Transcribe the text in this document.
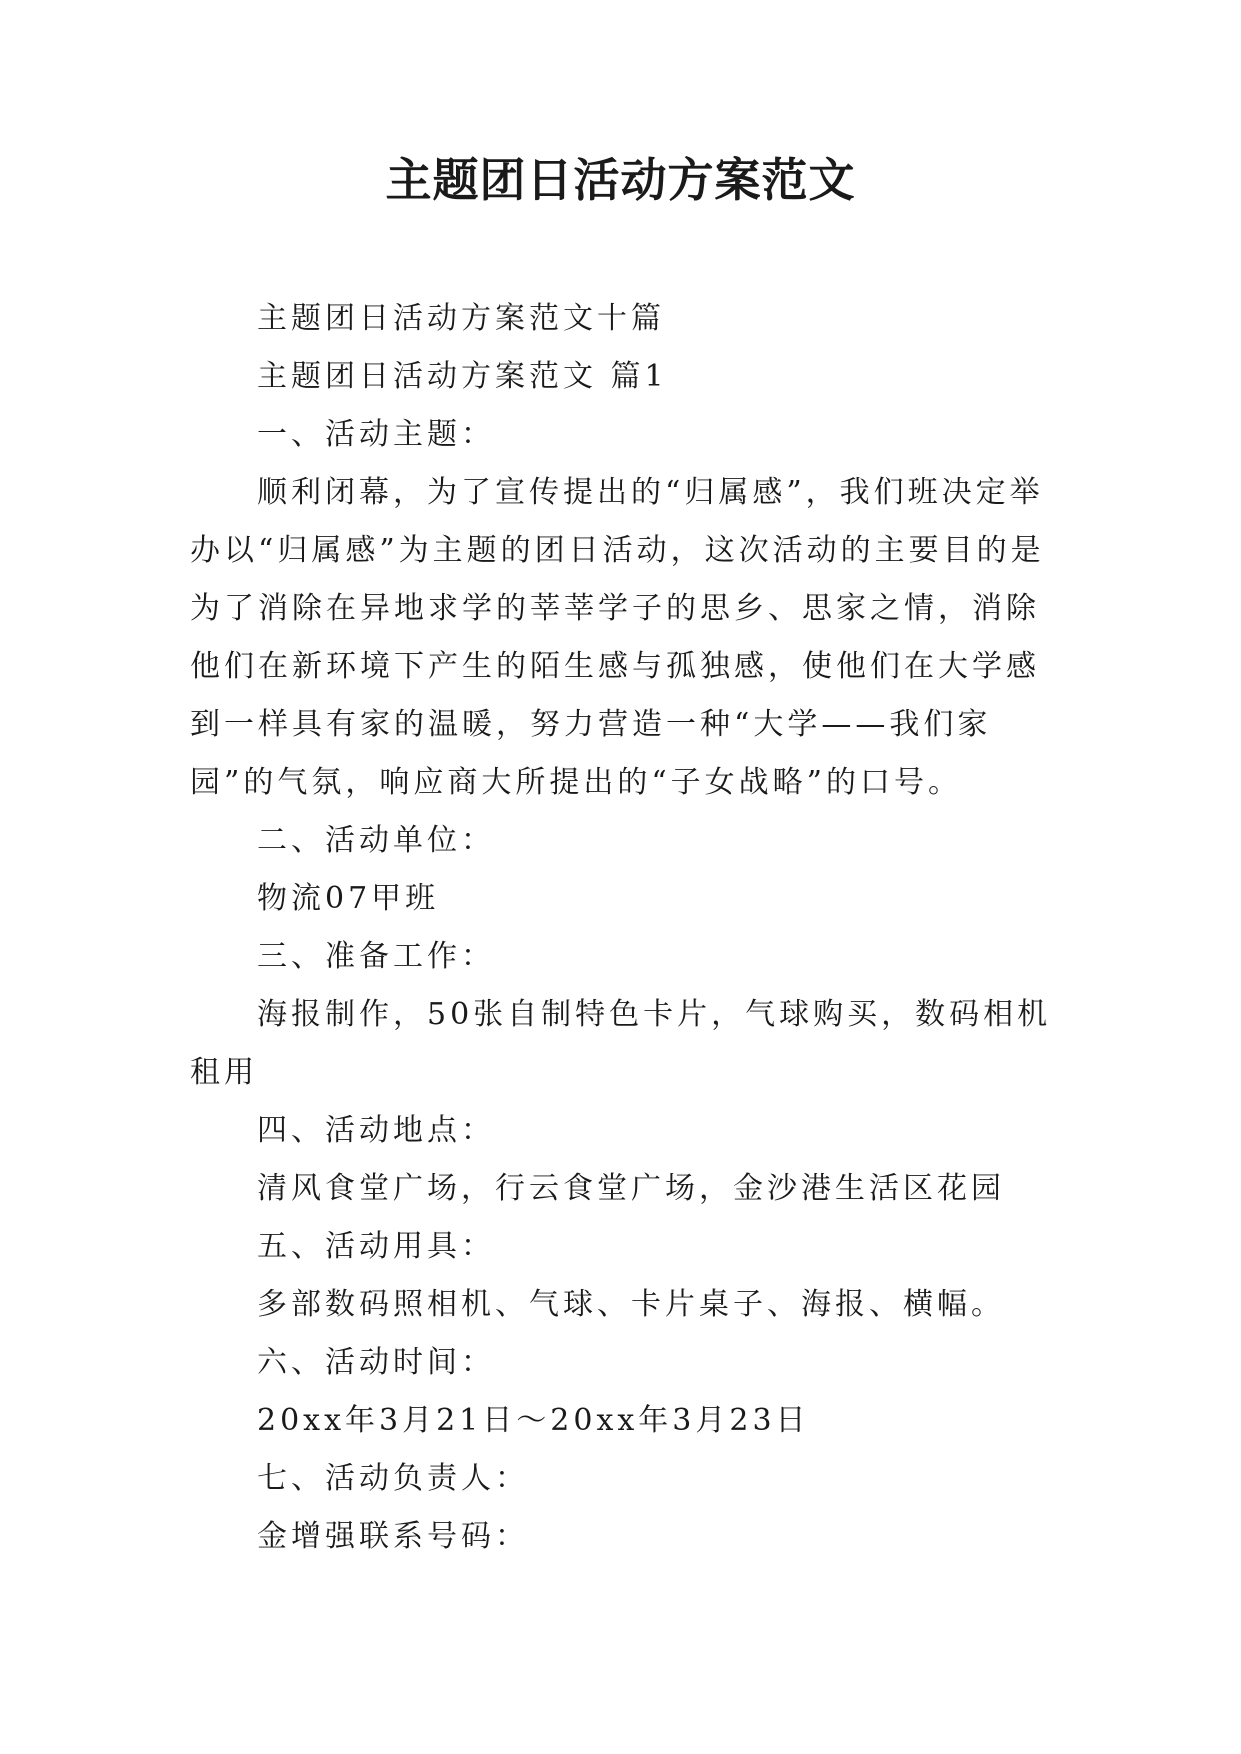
主题团日活动方案范文

主题团日活动方案范文十篇

主题团日活动方案范文 篇1

一、活动主题：

顺利闭幕，为了宣传提出的“归属感”，我们班决定举办以“归属感”为主题的团日活动，这次活动的主要目的是为了消除在异地求学的莘莘学子的思乡、思家之情，消除他们在新环境下产生的陌生感与孤独感，使他们在大学感到一样具有家的温暖，努力营造一种“大学——我们家园”的气氛，响应商大所提出的“子女战略”的口号。

二、活动单位：

物流07甲班

三、准备工作：

海报制作，50张自制特色卡片，气球购买，数码相机租用

四、活动地点：

清风食堂广场，行云食堂广场，金沙港生活区花园

五、活动用具：

多部数码照相机、气球、卡片桌子、海报、横幅。

六、活动时间：

20xx年3月21日～20xx年3月23日

七、活动负责人：

金增强联系号码：
